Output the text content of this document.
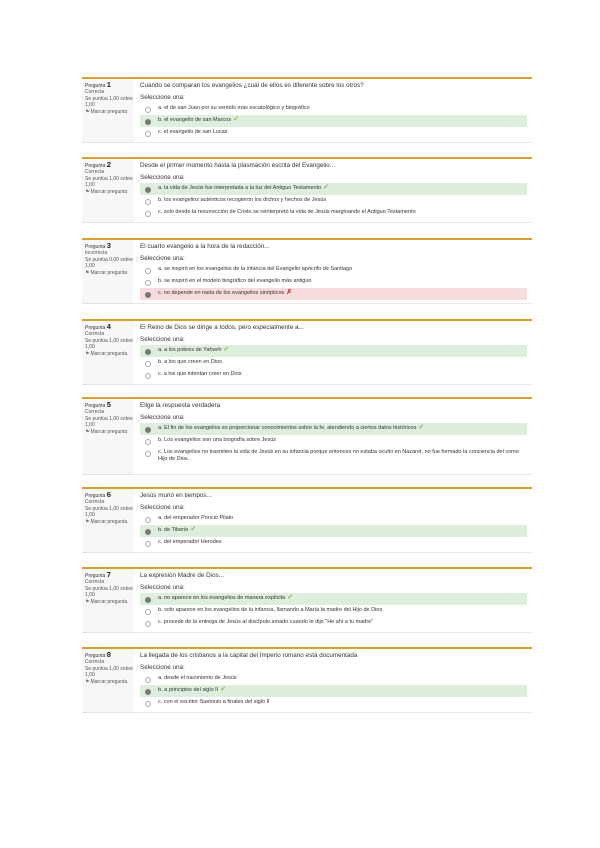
Pregunta 1
Correcta
Se puntúa 1,00 sobre 1,00
⚑ Marcar pregunta
Cuando se comparan los evangelios ¿cuál de ellos es diferente sobre los otros?
Seleccione una:
a. el de san Juan por su sentido más escatológico y biográfico
b. el evangelio de san Marcos ✓
c. el evangelio de san Lucas
Pregunta 2
Correcta
Se puntúa 1,00 sobre 1,00
⚑ Marcar pregunta
Desde el primer momento hasta la plasmación escrita del Evangelio...
Seleccione una:
a. la vida de Jesús fue interpretada a la luz del Antiguo Testamento ✓
b. los evangelios auténticos recogieron los dichos y hechos de Jesús
c. solo desde la resurrección de Cristo se reinterpretó la vida de Jesús marginando el Antiguo Testamento
Pregunta 3
Incorrecta
Se puntúa 0,00 sobre 1,00
⚑ Marcar pregunta
El cuarto evangelio a la hora de la redacción...
Seleccione una:
a. se inspiró en los evangelios de la infancia del Evangelio apócrifo de Santiago
b. se inspiró en el modelo biográfico del evangelio más antiguo
c. no depende en nada de los evangelios sinópticos ✗
Pregunta 4
Correcta
Se puntúa 1,00 sobre 1,00
⚑ Marcar pregunta
El Reino de Dios se dirige a todos, pero especialmente a...
Seleccione una:
a. a los pobres de Yahveh ✓
b. a los que creen en Dios
c. a los que intentan creer en Dios
Pregunta 5
Correcta
Se puntúa 1,00 sobre 1,00
⚑ Marcar pregunta
Elige la respuesta verdadera
Seleccione una:
a. El fin de los evangelios es proporcionar conocimientos sobre la fe, atendiendo a ciertos datos históricos ✓
b. Los evangelios son una biografía sobre Jesús
c. Los evangelios no trasmiten la vida de Jesús en su infancia porque entonces no estaba oculto en Nazaret, no fue formado la conciencia del como Hijo de Dios.
Pregunta 6
Correcta
Se puntúa 1,00 sobre 1,00
⚑ Marcar pregunta
Jesús murió en tiempos...
Seleccione una:
a. del emperador Poncio Pilato
b. de Tiberio ✓
c. del emperador Herodes
Pregunta 7
Correcta
Se puntúa 1,00 sobre 1,00
⚑ Marcar pregunta
La expresión Madre de Dios...
Seleccione una:
a. no aparece en los evangelios de manera explícita ✓
b. solo aparece en los evangelios de la infancia, llamando a María la madre del Hijo de Dios
c. procede de la entrega de Jesús al discípulo amado cuando le dijo "He ahí a tu madre"
Pregunta 8
Correcta
Se puntúa 1,00 sobre 1,00
⚑ Marcar pregunta
La llegada de los cristianos a la capital del Imperio romano está documentada
Seleccione una:
a. desde el nacimiento de Jesús
b. a principios del siglo II ✓
c. con el escritor Suetonio a finales del siglo II
